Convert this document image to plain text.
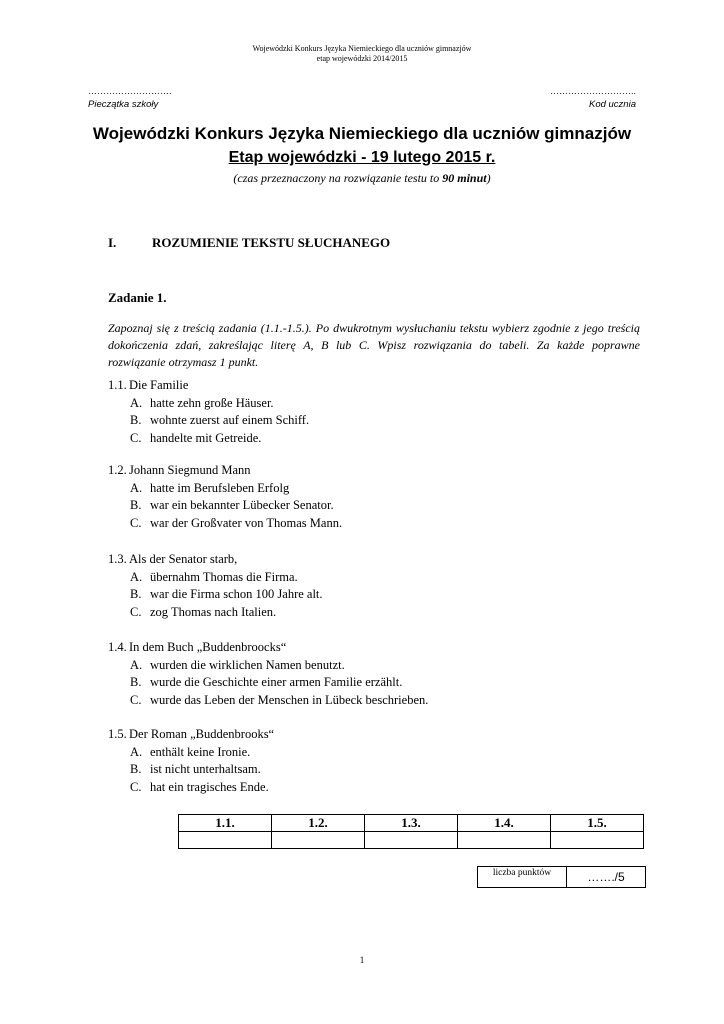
Wojewódzki Konkurs Języka Niemieckiego dla uczniów gimnazjów
etap wojewódzki 2014/2015
……………………….
Pieczątka szkoły
………………………..
Kod ucznia
Wojewódzki Konkurs Języka Niemieckiego dla uczniów gimnazjów
Etap wojewódzki - 19 lutego 2015 r.
(czas przeznaczony na rozwiązanie testu to 90 minut)
I.	ROZUMIENIE TEKSTU SŁUCHANEGO
Zadanie 1.
Zapoznaj się z treścią zadania (1.1.-1.5.). Po dwukrotnym wysłuchaniu tekstu wybierz zgodnie z jego treścią
dokończenia zdań, zakreślając literę A, B lub C. Wpisz rozwiązania do tabeli. Za każde poprawne
rozwiązanie otrzymasz 1 punkt.
1.1. Die Familie
A. hatte zehn große Häuser.
B. wohnte zuerst auf einem Schiff.
C. handelte mit Getreide.
1.2. Johann Siegmund Mann
A. hatte im Berufsleben Erfolg
B. war ein bekannter Lübecker Senator.
C. war der Großvater von Thomas Mann.
1.3. Als der Senator starb,
A. übernahm Thomas die Firma.
B. war die Firma schon 100 Jahre alt.
C. zog Thomas nach Italien.
1.4. In dem Buch „Buddenbroocks“
A. wurden die wirklichen Namen benutzt.
B. wurde die Geschichte einer armen Familie erzählt.
C. wurde das Leben der Menschen in Lübeck beschrieben.
1.5. Der Roman „Buddenbrooks“
A. enthält keine Ironie.
B. ist nicht unterhaltsam.
C. hat ein tragisches Ende.
1.1.	1.2.	1.3.	1.4.	1.5.

liczba punktów	……./5
1
